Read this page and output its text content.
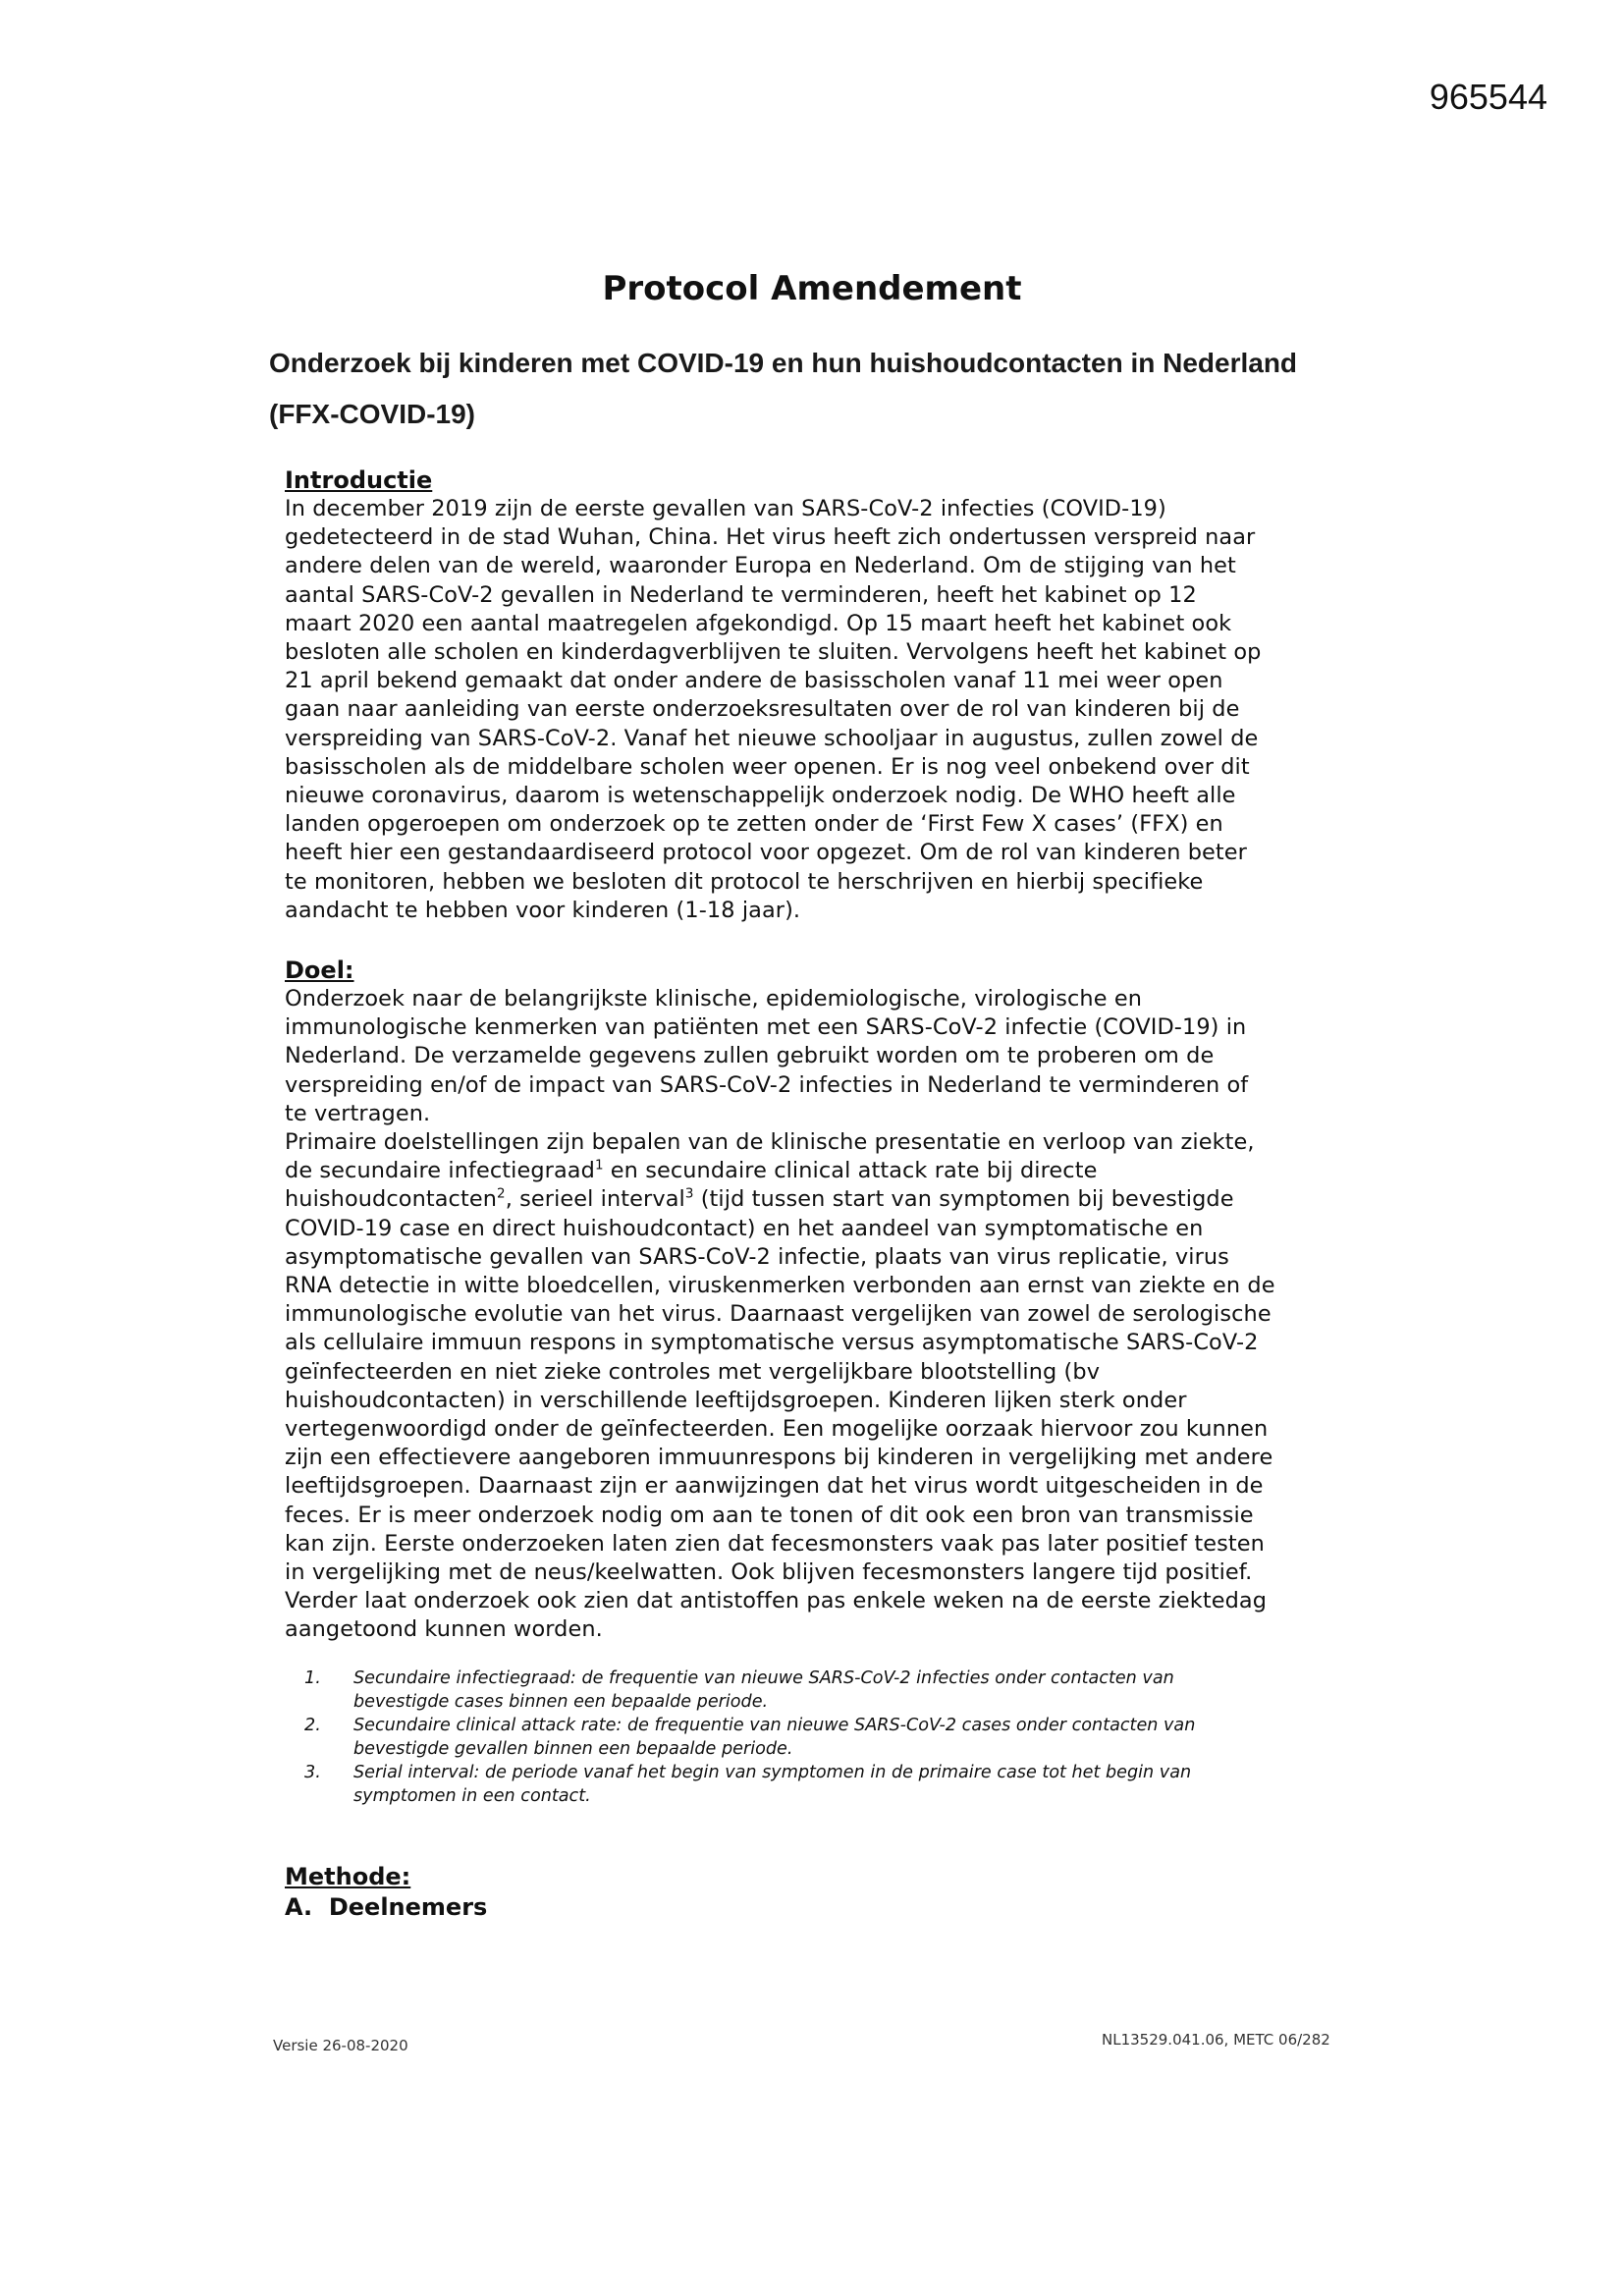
965544
Protocol Amendement
Onderzoek bij kinderen met COVID-19 en hun huishoudcontacten in Nederland
(FFX-COVID-19)

Introductie

In december 2019 zijn de eerste gevallen van SARS-CoV-2 infecties (COVID-19)
gedetecteerd in de stad Wuhan, China. Het virus heeft zich ondertussen verspreid naar
andere delen van de wereld, waaronder Europa en Nederland. Om de stijging van het
aantal SARS-CoV-2 gevallen in Nederland te verminderen, heeft het kabinet op 12
maart 2020 een aantal maatregelen afgekondigd. Op 15 maart heeft het kabinet ook
besloten alle scholen en kinderdagverblijven te sluiten. Vervolgens heeft het kabinet op
21 april bekend gemaakt dat onder andere de basisscholen vanaf 11 mei weer open
gaan naar aanleiding van eerste onderzoeksresultaten over de rol van kinderen bij de
verspreiding van SARS-CoV-2. Vanaf het nieuwe schooljaar in augustus, zullen zowel de
basisscholen als de middelbare scholen weer openen. Er is nog veel onbekend over dit
nieuwe coronavirus, daarom is wetenschappelijk onderzoek nodig. De WHO heeft alle
landen opgeroepen om onderzoek op te zetten onder de ‘First Few X cases’ (FFX) en
heeft hier een gestandaardiseerd protocol voor opgezet. Om de rol van kinderen beter
te monitoren, hebben we besloten dit protocol te herschrijven en hierbij specifieke
aandacht te hebben voor kinderen (1-18 jaar).

Doel:

Onderzoek naar de belangrijkste klinische, epidemiologische, virologische en
immunologische kenmerken van patiënten met een SARS-CoV-2 infectie (COVID-19) in
Nederland. De verzamelde gegevens zullen gebruikt worden om te proberen om de
verspreiding en/of de impact van SARS-CoV-2 infecties in Nederland te verminderen of
te vertragen.
Primaire doelstellingen zijn bepalen van de klinische presentatie en verloop van ziekte,
de secundaire infectiegraad$^1$ en secundaire clinical attack rate bij directe
huishoudcontacten$^2$, serieel interval$^3$ (tijd tussen start van symptomen bij bevestigde
COVID-19 case en direct huishoudcontact) en het aandeel van symptomatische en
asymptomatische gevallen van SARS-CoV-2 infectie, plaats van virus replicatie, virus
RNA detectie in witte bloedcellen, viruskenmerken verbonden aan ernst van ziekte en de
immunologische evolutie van het virus. Daarnaast vergelijken van zowel de serologische
als cellulaire immuun respons in symptomatische versus asymptomatische SARS-CoV-2
geïnfecteerden en niet zieke controles met vergelijkbare blootstelling (bv
huishoudcontacten) in verschillende leeftijdsgroepen. Kinderen lijken sterk onder
vertegenwoordigd onder de geïnfecteerden. Een mogelijke oorzaak hiervoor zou kunnen
zijn een effectievere aangeboren immuunrespons bij kinderen in vergelijking met andere
leeftijdsgroepen. Daarnaast zijn er aanwijzingen dat het virus wordt uitgescheiden in de
feces. Er is meer onderzoek nodig om aan te tonen of dit ook een bron van transmissie
kan zijn. Eerste onderzoeken laten zien dat fecesmonsters vaak pas later positief testen
in vergelijking met de neus/keelwatten. Ook blijven fecesmonsters langere tijd positief.
Verder laat onderzoek ook zien dat antistoffen pas enkele weken na de eerste ziektedag
aangetoond kunnen worden.
1.	Secundaire infectiegraad: de frequentie van nieuwe SARS-CoV-2 infecties onder contacten van
bevestigde cases binnen een bepaalde periode.
2.	Secundaire clinical attack rate: de frequentie van nieuwe SARS-CoV-2 cases onder contacten van
bevestigde gevallen binnen een bepaalde periode.
3.	Serial interval: de periode vanaf het begin van symptomen in de primaire case tot het begin van
symptomen in een contact.

Methode:

A.  Deelnemers

Versie 26-08-2020	NL13529.041.06, METC 06/282
